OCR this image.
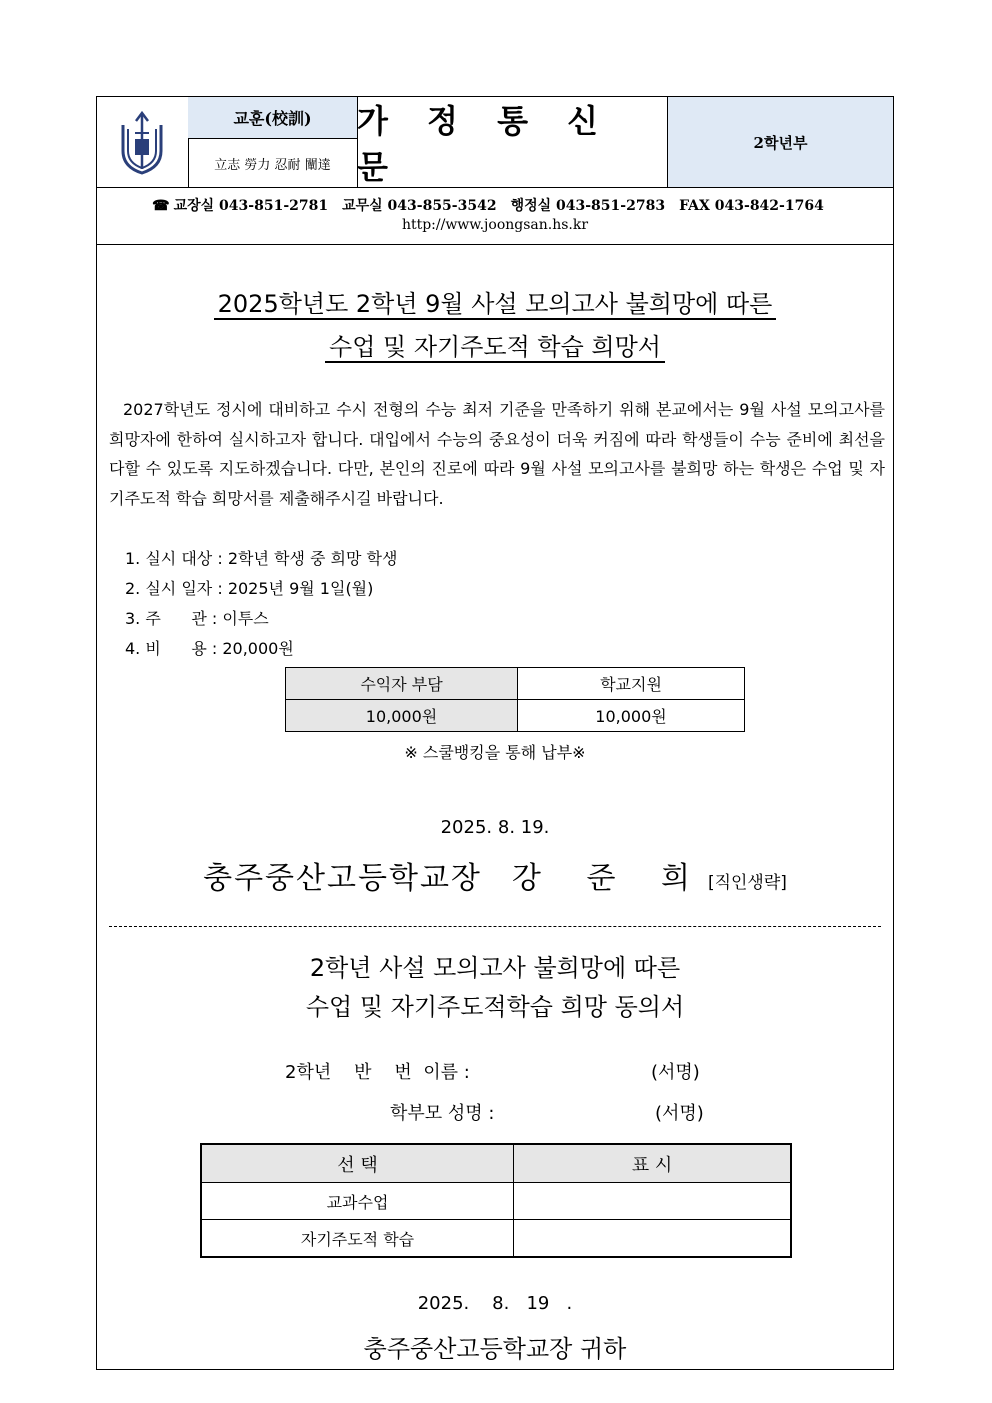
교훈(校訓)
立志 勞力 忍耐 闡達
가 정 통 신 문
2학년부
☎ 교장실 043-851-2781 교무실 043-855-3542 행정실 043-851-2783 FAX 043-842-1764
http://www.joongsan.hs.kr
2025학년도 2학년 9월 사설 모의고사 불희망에 따른
수업 및 자기주도적 학습 희망서
2027학년도 정시에 대비하고 수시 전형의 수능 최저 기준을 만족하기 위해 본교에서는 9월 사설 모의고사를 희망자에 한하여 실시하고자 합니다. 대입에서 수능의 중요성이 더욱 커짐에 따라 학생들이 수능 준비에 최선을 다할 수 있도록 지도하겠습니다. 다만, 본인의 진로에 따라 9월 사설 모의고사를 불희망 하는 학생은 수업 및 자기주도적 학습 희망서를 제출해주시길 바랍니다.
1. 실시 대상 : 2학년 학생 중 희망 학생
2. 실시 일자 : 2025년 9월 1일(월)
3. 주      관 : 이투스
4. 비      용 : 20,000원
수익자 부담	학교지원
10,000원	10,000원
※ 스쿨뱅킹을 통해 납부※
2025. 8. 19.
충주중산고등학교장 강 준 희[직인생략]
2학년 사설 모의고사 불희망에 따른
수업 및 자기주도적학습 희망 동의서
2학년    반    번  이름 :	(서명)
학부모 성명 :	(서명)
선 택	표 시
교과수업	
자기주도적 학습	
2025.    8.   19   .
충주중산고등학교장 귀하
